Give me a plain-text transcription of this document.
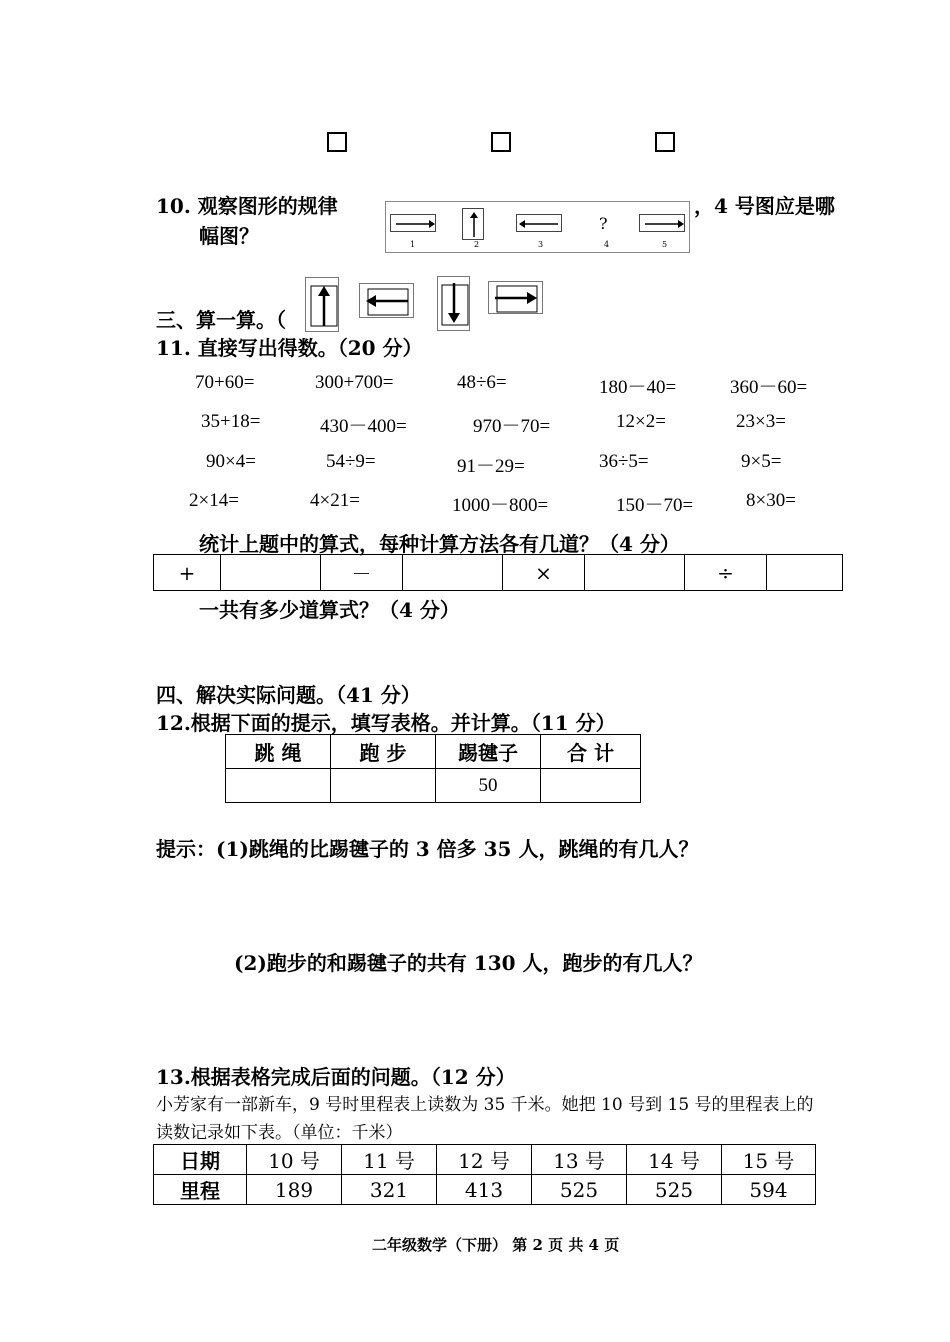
10. 观察图形的规律	，4 号图应是哪
幅图？
?
1	2	3	4	5
三、算一算。（
11. 直接写出得数。（20 分）
70+60=	300+700=	48÷6=	180－40=	360－60=
35+18=	430－400=	970－70=	12×2=	23×3=
90×4=	54÷9=	91－29=	36÷5=	9×5=
2×14=	4×21=	1000－800=	150－70=	8×30=
统计上题中的算式，每种计算方法各有几道？（4 分）
+		－		×		÷	
一共有多少道算式？（4 分）
四、解决实际问题。（41 分）
12.根据下面的提示，填写表格。并计算。（11 分）
跳 绳	跑 步	踢毽子	合 计
		50	
提示：(1)跳绳的比踢毽子的 3 倍多 35 人，跳绳的有几人？
(2)跑步的和踢毽子的共有 130 人，跑步的有几人？
13.根据表格完成后面的问题。（12 分）
小芳家有一部新车，9 号时里程表上读数为 35 千米。她把 10 号到 15 号的里程表上的
读数记录如下表。（单位：千米）
日期	10 号	11 号	12 号	13 号	14 号	15 号
里程	189	321	413	525	525	594
二年级数学（下册） 第 2 页 共 4 页
